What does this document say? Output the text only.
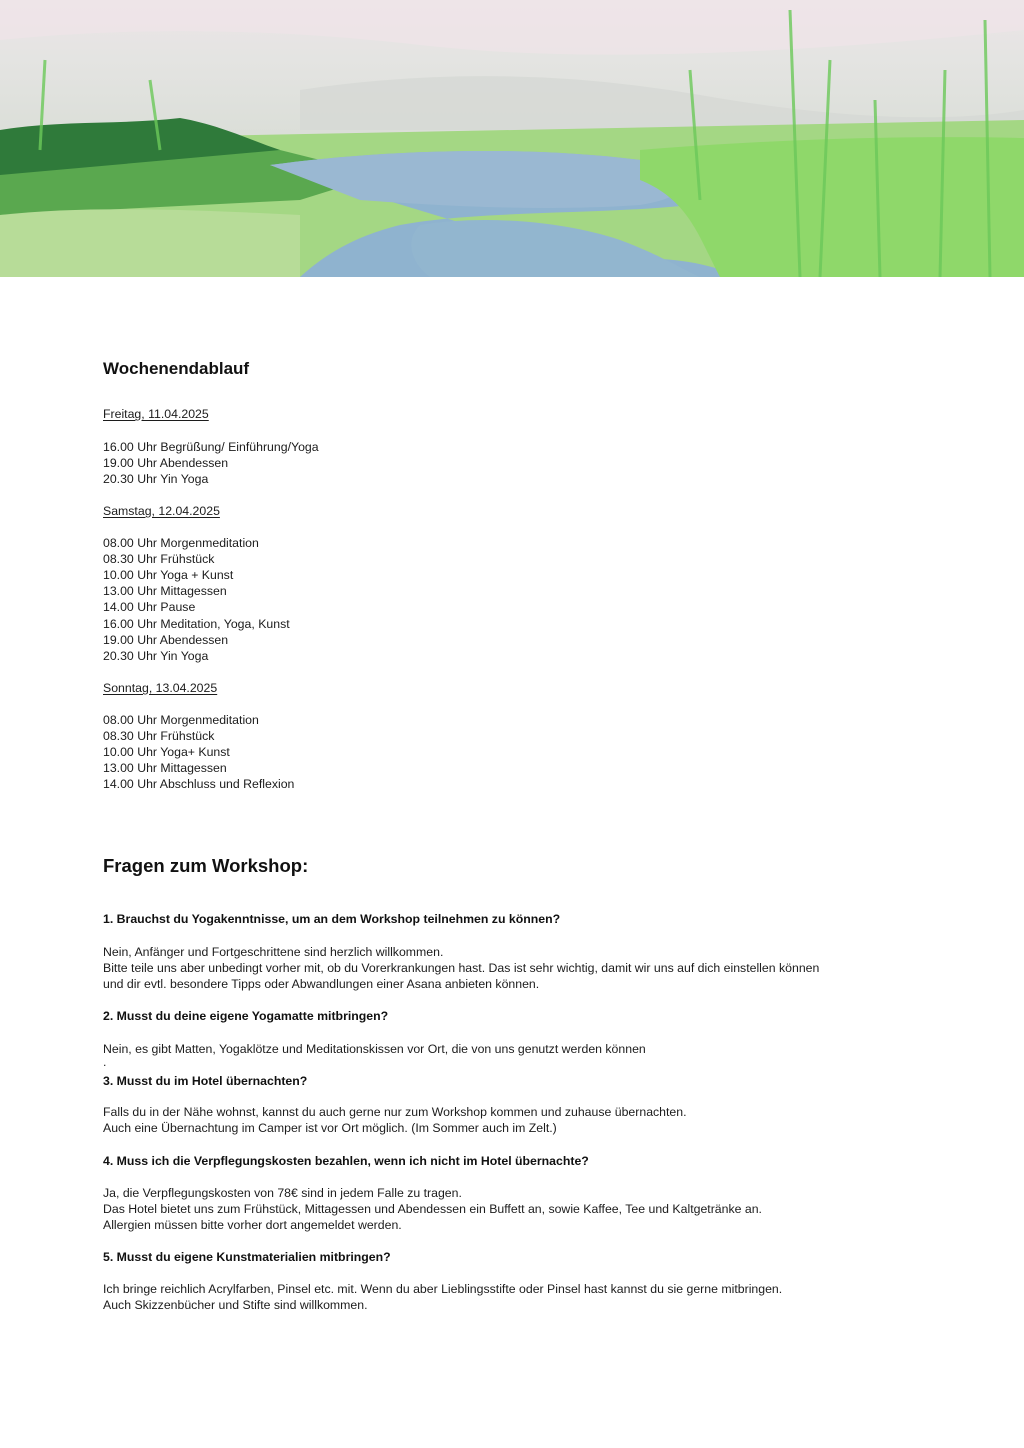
Wochenendablauf

Freitag, 11.04.2025

16.00 Uhr Begrüßung/ Einführung/Yoga

19.00 Uhr Abendessen

20.30 Uhr Yin Yoga

Samstag, 12.04.2025

08.00 Uhr Morgenmeditation

08.30 Uhr Frühstück

10.00 Uhr Yoga + Kunst

13.00 Uhr Mittagessen

14.00 Uhr Pause

16.00 Uhr Meditation, Yoga, Kunst

19.00 Uhr Abendessen

20.30 Uhr Yin Yoga

Sonntag, 13.04.2025

08.00 Uhr Morgenmeditation

08.30 Uhr Frühstück

10.00 Uhr Yoga+ Kunst

13.00 Uhr Mittagessen

14.00 Uhr Abschluss und Reflexion

Fragen zum Workshop:

1. Brauchst du Yogakenntnisse, um an dem Workshop teilnehmen zu können?

Nein, Anfänger und Fortgeschrittene sind herzlich willkommen.

Bitte teile uns aber unbedingt vorher mit, ob du Vorerkrankungen hast. Das ist sehr wichtig, damit wir uns auf dich einstellen können

und dir evtl. besondere Tipps oder Abwandlungen einer Asana anbieten können.

2. Musst du deine eigene Yogamatte mitbringen?

Nein, es gibt Matten, Yogaklötze und Meditationskissen vor Ort, die von uns genutzt werden können

.

3. Musst du im Hotel übernachten?

Falls du in der Nähe wohnst, kannst du auch gerne nur zum Workshop kommen und zuhause übernachten.

Auch eine Übernachtung im Camper ist vor Ort möglich. (Im Sommer auch im Zelt.)

4. Muss ich die Verpflegungskosten bezahlen, wenn ich nicht im Hotel übernachte?

Ja, die Verpflegungskosten von 78€ sind in jedem Falle zu tragen.

Das Hotel bietet uns zum Frühstück, Mittagessen und Abendessen ein Buffett an, sowie Kaffee, Tee und Kaltgetränke an.

Allergien müssen bitte vorher dort angemeldet werden.

5. Musst du eigene Kunstmaterialien mitbringen?

Ich bringe reichlich Acrylfarben, Pinsel etc. mit. Wenn du aber Lieblingsstifte oder Pinsel hast kannst du sie gerne mitbringen.

Auch Skizzenbücher und Stifte sind willkommen.
